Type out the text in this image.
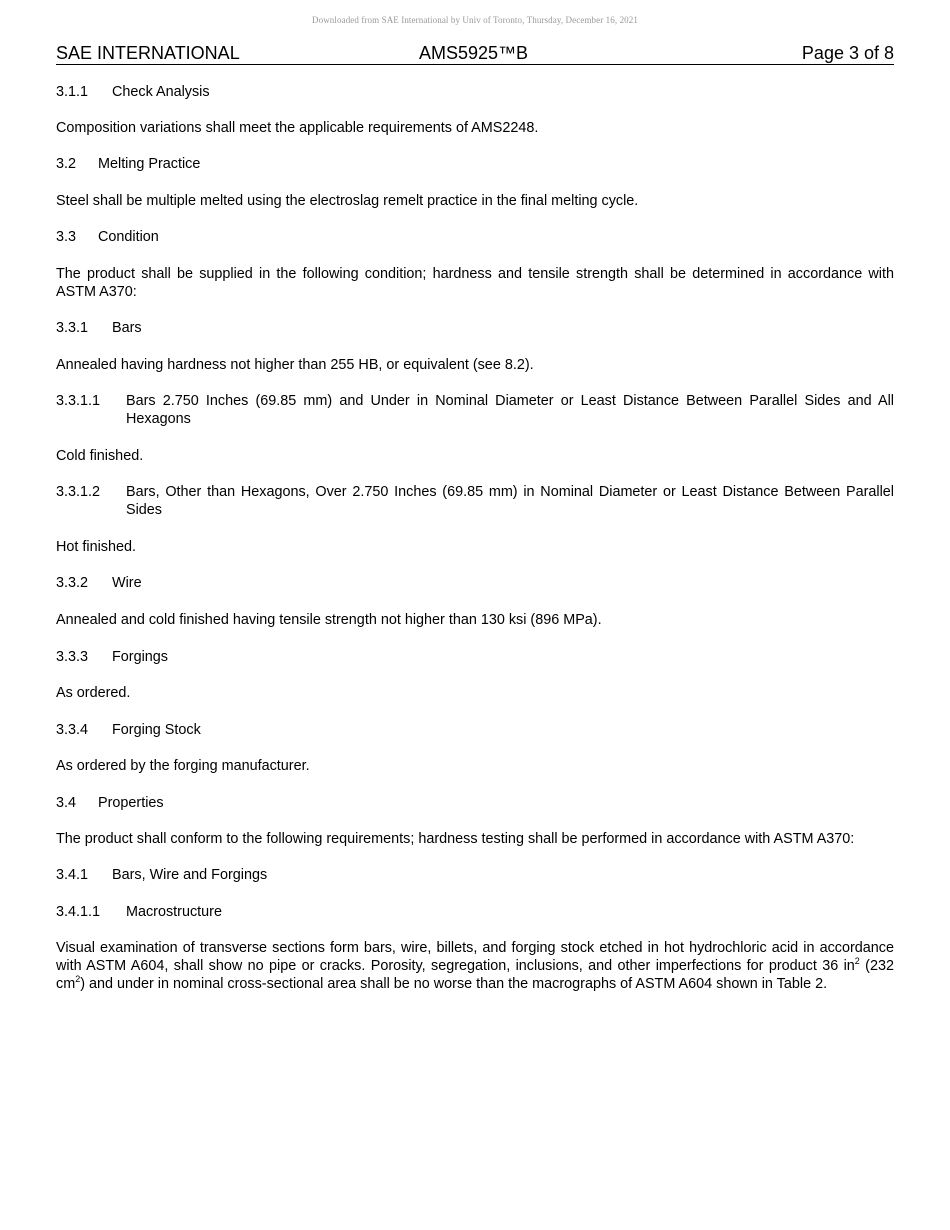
Downloaded from SAE International by Univ of Toronto, Thursday, December 16, 2021
SAE INTERNATIONAL	AMS5925™B	Page 3 of 8
3.1.1	Check Analysis
Composition variations shall meet the applicable requirements of AMS2248.
3.2	Melting Practice
Steel shall be multiple melted using the electroslag remelt practice in the final melting cycle.
3.3	Condition
The product shall be supplied in the following condition; hardness and tensile strength shall be determined in accordance with ASTM A370:
3.3.1	Bars
Annealed having hardness not higher than 255 HB, or equivalent (see 8.2).
3.3.1.1	Bars 2.750 Inches (69.85 mm) and Under in Nominal Diameter or Least Distance Between Parallel Sides and All Hexagons
Cold finished.
3.3.1.2	Bars, Other than Hexagons, Over 2.750 Inches (69.85 mm) in Nominal Diameter or Least Distance Between Parallel Sides
Hot finished.
3.3.2	Wire
Annealed and cold finished having tensile strength not higher than 130 ksi (896 MPa).
3.3.3	Forgings
As ordered.
3.3.4	Forging Stock
As ordered by the forging manufacturer.
3.4	Properties
The product shall conform to the following requirements; hardness testing shall be performed in accordance with ASTM A370:
3.4.1	Bars, Wire and Forgings
3.4.1.1	Macrostructure
Visual examination of transverse sections form bars, wire, billets, and forging stock etched in hot hydrochloric acid in accordance with ASTM A604, shall show no pipe or cracks. Porosity, segregation, inclusions, and other imperfections for product 36 $in^2$ (232 $cm^2$) and under in nominal cross-sectional area shall be no worse than the macrographs of ASTM A604 shown in Table 2.
